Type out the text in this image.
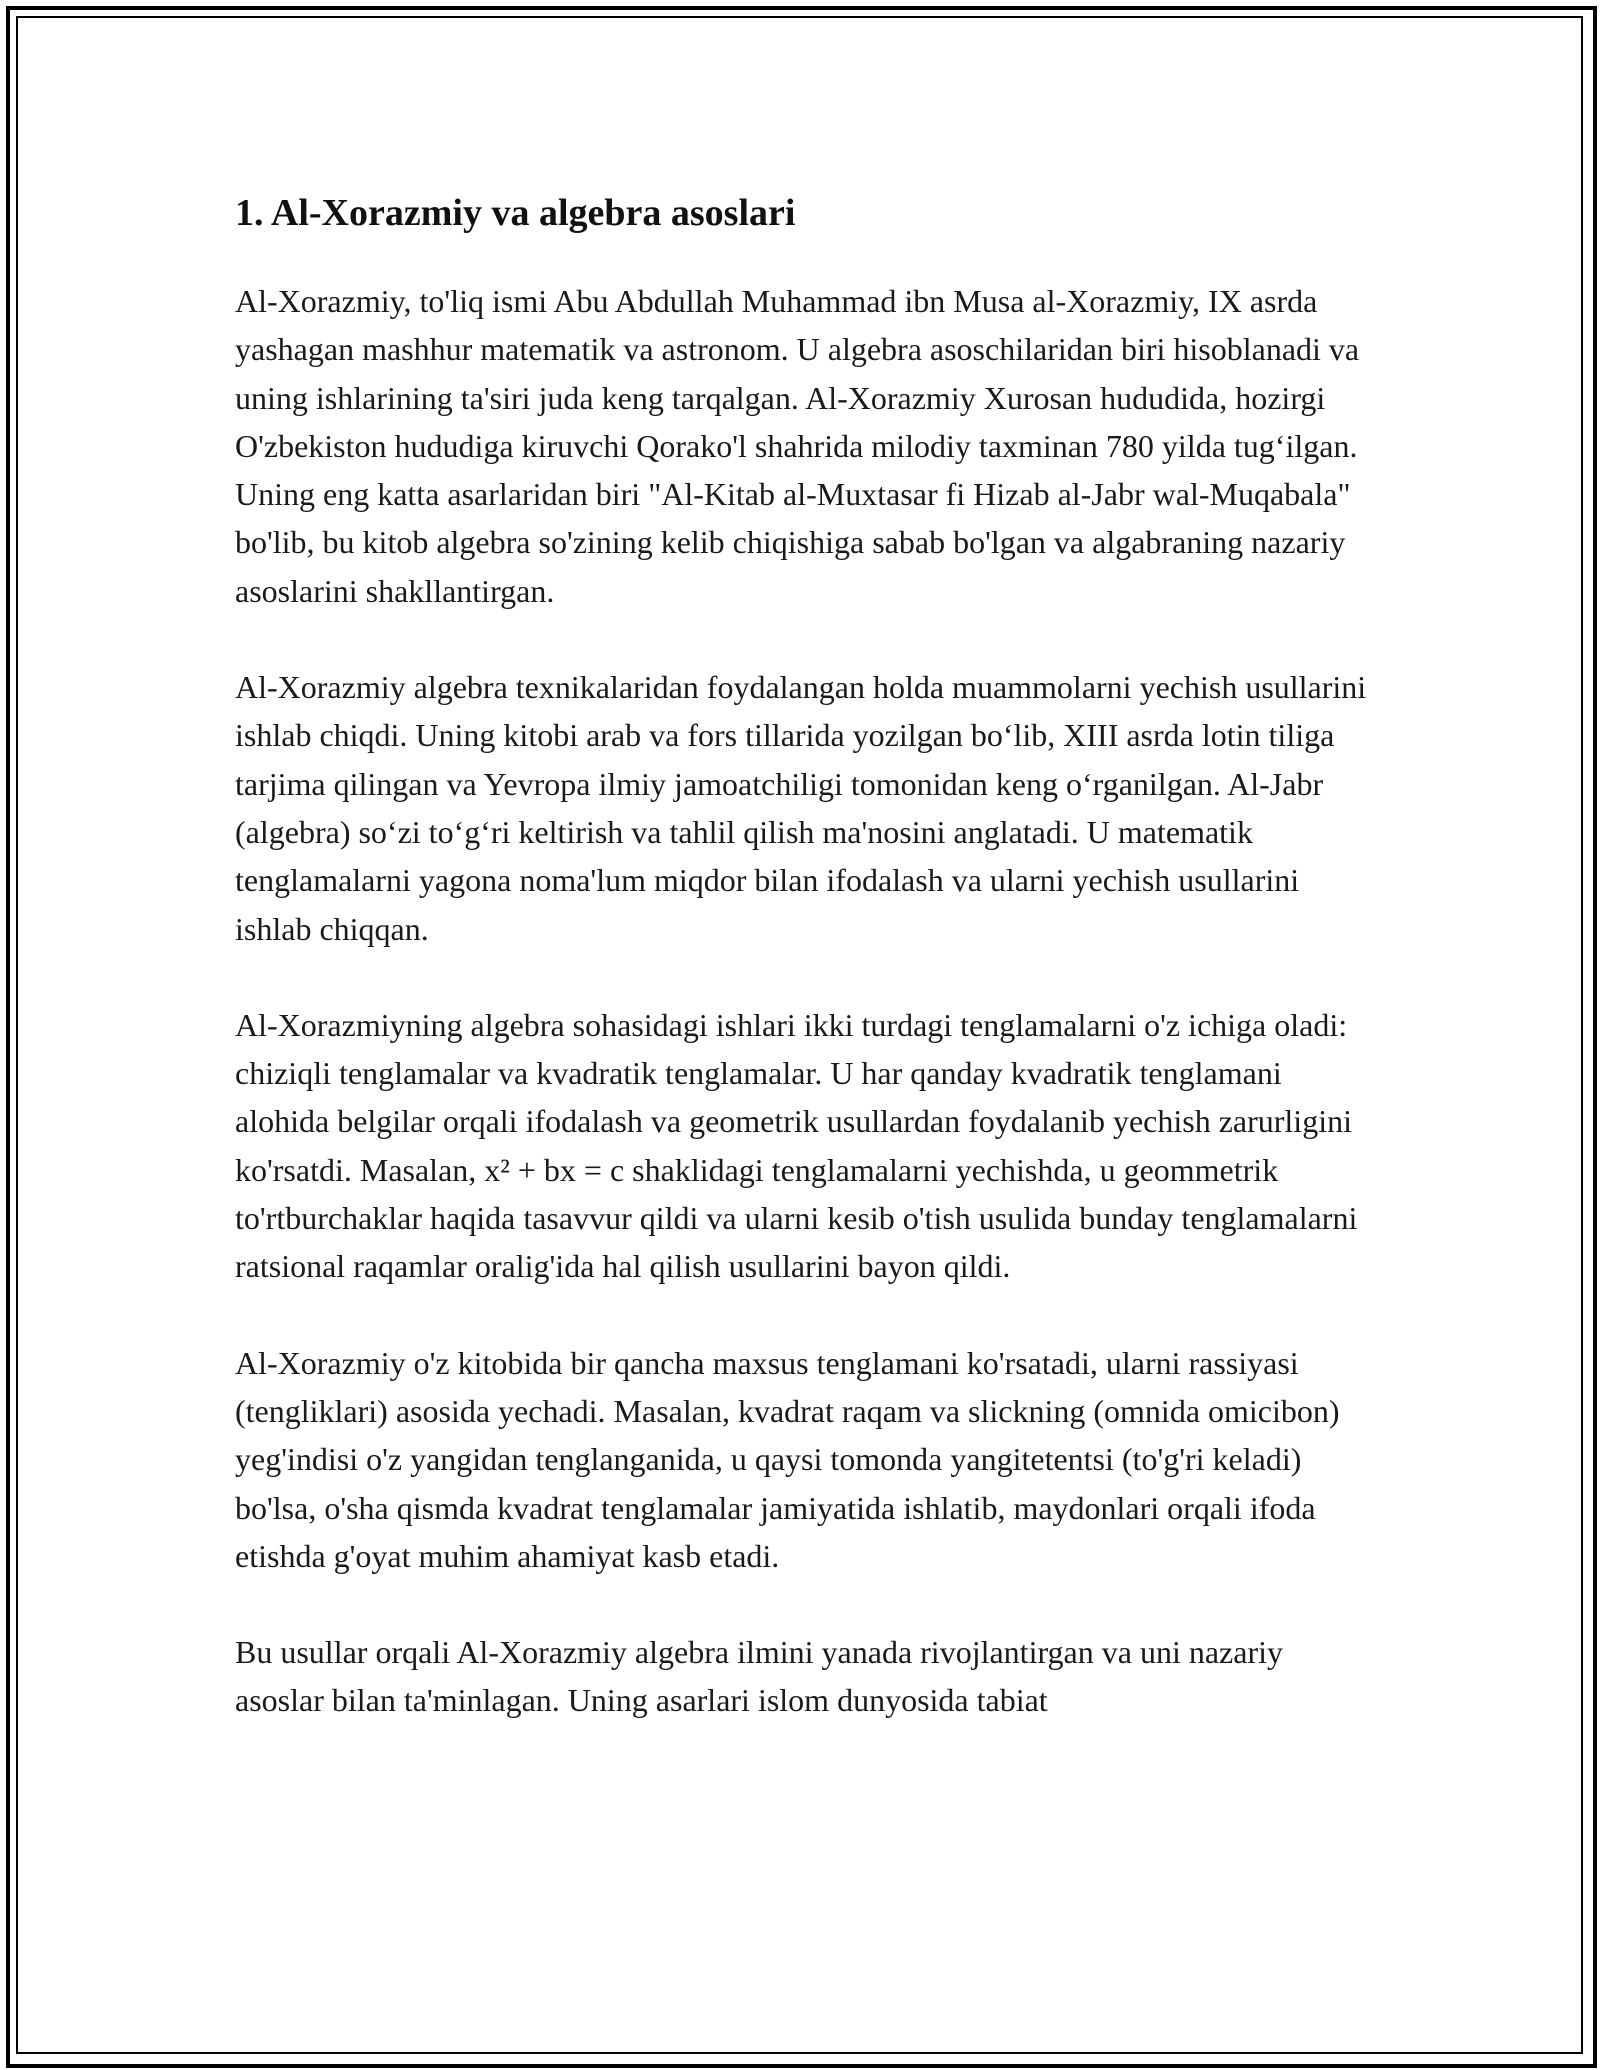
1. Al-Xorazmiy va algebra asoslari

Al-Xorazmiy, to'liq ismi Abu Abdullah Muhammad ibn Musa al-Xorazmiy, IX asrda yashagan mashhur matematik va astronom. U algebra asoschilaridan biri hisoblanadi va uning ishlarining ta'siri juda keng tarqalgan. Al-Xorazmiy Xurosan hududida, hozirgi O'zbekiston hududiga kiruvchi Qorako'l shahrida milodiy taxminan 780 yilda tug‘ilgan. Uning eng katta asarlaridan biri "Al-Kitab al-Muxtasar fi Hizab al-Jabr wal-Muqabala" bo'lib, bu kitob algebra so'zining kelib chiqishiga sabab bo'lgan va algabraning nazariy asoslarini shakllantirgan.

Al-Xorazmiy algebra texnikalaridan foydalangan holda muammolarni yechish usullarini ishlab chiqdi. Uning kitobi arab va fors tillarida yozilgan bo‘lib, XIII asrda lotin tiliga tarjima qilingan va Yevropa ilmiy jamoatchiligi tomonidan keng o‘rganilgan. Al-Jabr (algebra) so‘zi to‘g‘ri keltirish va tahlil qilish ma'nosini anglatadi. U matematik tenglamalarni yagona noma'lum miqdor bilan ifodalash va ularni yechish usullarini ishlab chiqqan.

Al-Xorazmiyning algebra sohasidagi ishlari ikki turdagi tenglamalarni o'z ichiga oladi: chiziqli tenglamalar va kvadratik tenglamalar. U har qanday kvadratik tenglamani alohida belgilar orqali ifodalash va geometrik usullardan foydalanib yechish zarurligini ko'rsatdi. Masalan, x² + bx = c shaklidagi tenglamalarni yechishda, u geommetrik to'rtburchaklar haqida tasavvur qildi va ularni kesib o'tish usulida bunday tenglamalarni ratsional raqamlar oralig'ida hal qilish usullarini bayon qildi.

Al-Xorazmiy o'z kitobida bir qancha maxsus tenglamani ko'rsatadi, ularni rassiyasi (tengliklari) asosida yechadi. Masalan, kvadrat raqam va slickning (omnida omicibon) yeg'indisi o'z yangidan tenglanganida, u qaysi tomonda yangitetentsi (to'g'ri keladi) bo'lsa, o'sha qismda kvadrat tenglamalar jamiyatida ishlatib, maydonlari orqali ifoda etishda g'oyat muhim ahamiyat kasb etadi.

Bu usullar orqali Al-Xorazmiy algebra ilmini yanada rivojlantirgan va uni nazariy asoslar bilan ta'minlagan. Uning asarlari islom dunyosida tabiat
